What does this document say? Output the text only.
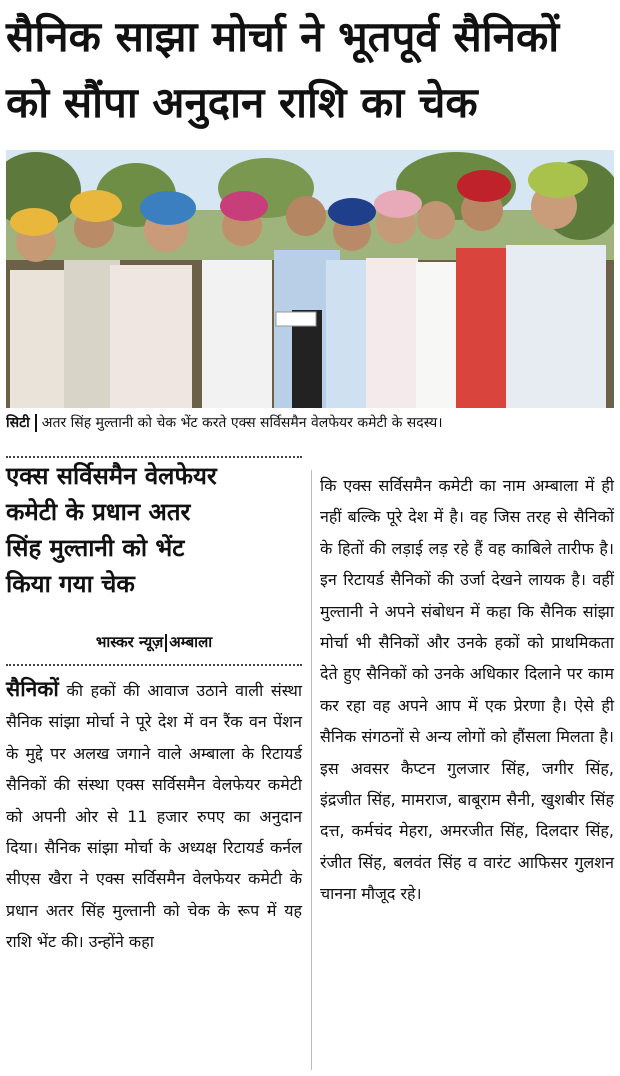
सैनिक साझा मोर्चा ने भूतपूर्व सैनिकों
को सौंपा अनुदान राशि का चेक
सिटी अतर सिंह मुल्तानी को चेक भेंट करते एक्स सर्विसमैन वेलफेयर कमेटी के सदस्य।
एक्स सर्विसमैन वेलफेयर
कमेटी के प्रधान अतर
सिंह मुल्तानी को भेंट
किया गया चेक
भास्कर न्यूज़ अम्बाला
सैनिकों की हकों की आवाज उठाने वाली संस्था सैनिक सांझा मोर्चा ने पूरे देश में वन रैंक वन पेंशन के मुद्दे पर अलख जगाने वाले अम्बाला के रिटायर्ड सैनिकों की संस्था एक्स सर्विसमैन वेलफेयर कमेटी को अपनी ओर से 11 हजार रुपए का अनुदान दिया। सैनिक सांझा मोर्चा के अध्यक्ष रिटायर्ड कर्नल सीएस खैरा ने एक्स सर्विसमैन वेलफेयर कमेटी के प्रधान अतर सिंह मुल्तानी को चेक के रूप में यह राशि भेंट की। उन्होंने कहा
कि एक्स सर्विसमैन कमेटी का नाम अम्बाला में ही नहीं बल्कि पूरे देश में है। वह जिस तरह से सैनिकों के हितों की लड़ाई लड़ रहे हैं वह काबिले तारीफ है। इन रिटायर्ड सैनिकों की उर्जा देखने लायक है। वहीं मुल्तानी ने अपने संबोधन में कहा कि सैनिक सांझा मोर्चा भी सैनिकों और उनके हकों को प्राथमिकता देते हुए सैनिकों को उनके अधिकार दिलाने पर काम कर रहा वह अपने आप में एक प्रेरणा है। ऐसे ही सैनिक संगठनों से अन्य लोगों को हौंसला मिलता है। इस अवसर कैप्टन गुलजार सिंह, जगीर सिंह, इंद्रजीत सिंह, मामराज, बाबूराम सैनी, खुशबीर सिंह दत्त, कर्मचंद मेहरा, अमरजीत सिंह, दिलदार सिंह, रंजीत सिंह, बलवंत सिंह व वारंट आफिसर गुलशन चानना मौजूद रहे।
